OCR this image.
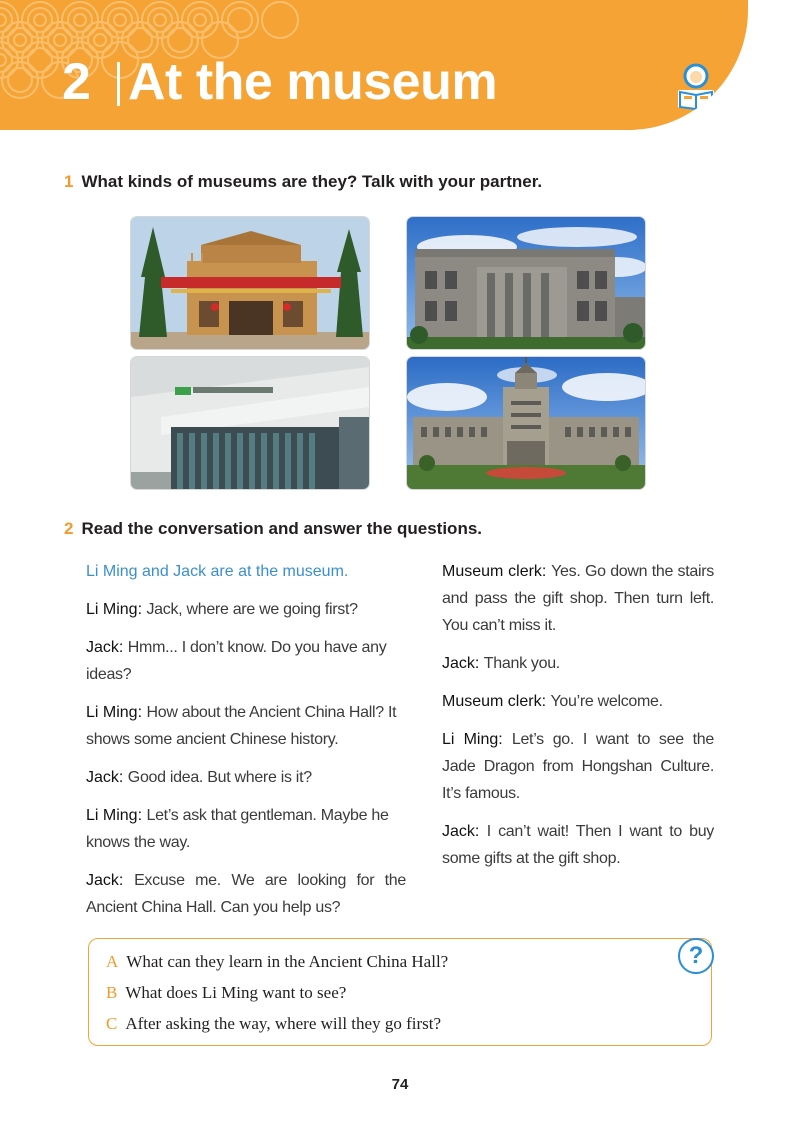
2 At the museum
1 What kinds of museums are they? Talk with your partner.
2 Read the conversation and answer the questions.
Li Ming and Jack are at the museum.
Li Ming: Jack, where are we going first?
Jack: Hmm... I don’t know. Do you have any ideas?
Li Ming: How about the Ancient China Hall? It shows some ancient Chinese history.
Jack: Good idea. But where is it?
Li Ming: Let’s ask that gentleman. Maybe he knows the way.
Jack: Excuse me. We are looking for the Ancient China Hall. Can you help us?
Museum clerk: Yes. Go down the stairs and pass the gift shop. Then turn left. You can’t miss it.
Jack: Thank you.
Museum clerk: You’re welcome.
Li Ming: Let’s go. I want to see the Jade Dragon from Hongshan Culture. It’s famous.
Jack: I can’t wait! Then I want to buy some gifts at the gift shop.
?
A What can they learn in the Ancient China Hall?
B What does Li Ming want to see?
C After asking the way, where will they go first?
74
